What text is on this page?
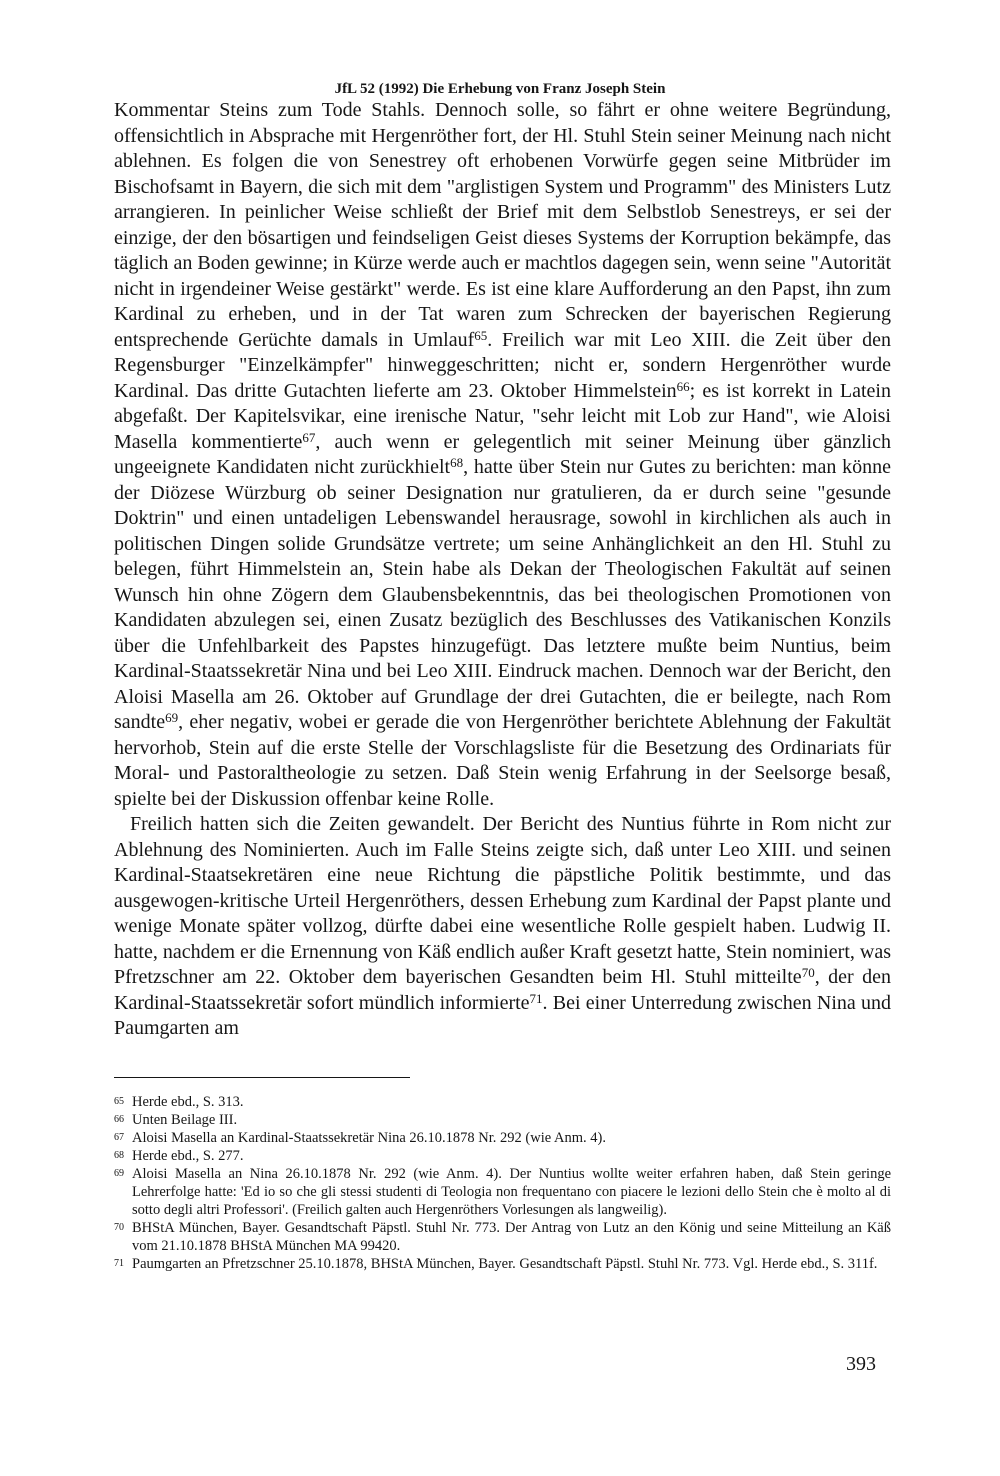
JfL 52 (1992) Die Erhebung von Franz Joseph Stein

Kommentar Steins zum Tode Stahls. Dennoch solle, so fährt er ohne weitere Begründung, offensichtlich in Absprache mit Hergenröther fort, der Hl. Stuhl Stein seiner Meinung nach nicht ablehnen. Es folgen die von Senestrey oft erhobenen Vorwürfe gegen seine Mitbrüder im Bischofsamt in Bayern, die sich mit dem "arglistigen System und Programm" des Ministers Lutz arrangieren. In peinlicher Weise schließt der Brief mit dem Selbstlob Senestreys, er sei der einzige, der den bösartigen und feindseligen Geist dieses Systems der Korruption bekämpfe, das täglich an Boden gewinne; in Kürze werde auch er machtlos dagegen sein, wenn seine "Autorität nicht in irgendeiner Weise gestärkt" werde. Es ist eine klare Aufforderung an den Papst, ihn zum Kardinal zu erheben, und in der Tat waren zum Schrecken der bayerischen Regierung entsprechende Gerüchte damals in Umlauf$^{65}$. Freilich war mit Leo XIII. die Zeit über den Regensburger "Einzelkämpfer" hinweggeschritten; nicht er, sondern Hergenröther wurde Kardinal. Das dritte Gutachten lieferte am 23. Oktober Himmelstein$^{66}$; es ist korrekt in Latein abgefaßt. Der Kapitelsvikar, eine irenische Natur, "sehr leicht mit Lob zur Hand", wie Aloisi Masella kommentierte$^{67}$, auch wenn er gelegentlich mit seiner Meinung über gänzlich ungeeignete Kandidaten nicht zurückhielt$^{68}$, hatte über Stein nur Gutes zu berichten: man könne der Diözese Würzburg ob seiner Designation nur gratulieren, da er durch seine "gesunde Doktrin" und einen untadeligen Lebenswandel herausrage, sowohl in kirchlichen als auch in politischen Dingen solide Grundsätze vertrete; um seine Anhänglichkeit an den Hl. Stuhl zu belegen, führt Himmelstein an, Stein habe als Dekan der Theologischen Fakultät auf seinen Wunsch hin ohne Zögern dem Glaubensbekenntnis, das bei theologischen Promotionen von Kandidaten abzulegen sei, einen Zusatz bezüglich des Beschlusses des Vatikanischen Konzils über die Unfehlbarkeit des Papstes hinzugefügt. Das letztere mußte beim Nuntius, beim Kardinal-Staatssekretär Nina und bei Leo XIII. Eindruck machen. Dennoch war der Bericht, den Aloisi Masella am 26. Oktober auf Grundlage der drei Gutachten, die er beilegte, nach Rom sandte$^{69}$, eher negativ, wobei er gerade die von Hergenröther berichtete Ablehnung der Fakultät hervorhob, Stein auf die erste Stelle der Vorschlagsliste für die Besetzung des Ordinariats für Moral- und Pastoraltheologie zu setzen. Daß Stein wenig Erfahrung in der Seelsorge besaß, spielte bei der Diskussion offenbar keine Rolle.

Freilich hatten sich die Zeiten gewandelt. Der Bericht des Nuntius führte in Rom nicht zur Ablehnung des Nominierten. Auch im Falle Steins zeigte sich, daß unter Leo XIII. und seinen Kardinal-Staatsekretären eine neue Richtung die päpstliche Politik bestimmte, und das ausgewogen-kritische Urteil Hergenröthers, dessen Erhebung zum Kardinal der Papst plante und wenige Monate später vollzog, dürfte dabei eine wesentliche Rolle gespielt haben. Ludwig II. hatte, nachdem er die Ernennung von Käß endlich außer Kraft gesetzt hatte, Stein nominiert, was Pfretzschner am 22. Oktober dem bayerischen Gesandten beim Hl. Stuhl mitteilte$^{70}$, der den Kardinal-Staatssekretär sofort mündlich informierte$^{71}$. Bei einer Unterredung zwischen Nina und Paumgarten am

65 Herde ebd., S. 313.
66 Unten Beilage III.
67 Aloisi Masella an Kardinal-Staatssekretär Nina 26.10.1878 Nr. 292 (wie Anm. 4).
68 Herde ebd., S. 277.
69 Aloisi Masella an Nina 26.10.1878 Nr. 292 (wie Anm. 4). Der Nuntius wollte weiter erfahren haben, daß Stein geringe Lehrerfolge hatte: 'Ed io so che gli stessi studenti di Teologia non frequentano con piacere le lezioni dello Stein che è molto al di sotto degli altri Professori'. (Freilich galten auch Hergenröthers Vorlesungen als langweilig).
70 BHStA München, Bayer. Gesandtschaft Päpstl. Stuhl Nr. 773. Der Antrag von Lutz an den König und seine Mitteilung an Käß vom 21.10.1878 BHStA München MA 99420.
71 Paumgarten an Pfretzschner 25.10.1878, BHStA München, Bayer. Gesandtschaft Päpstl. Stuhl Nr. 773. Vgl. Herde ebd., S. 311f.
393
